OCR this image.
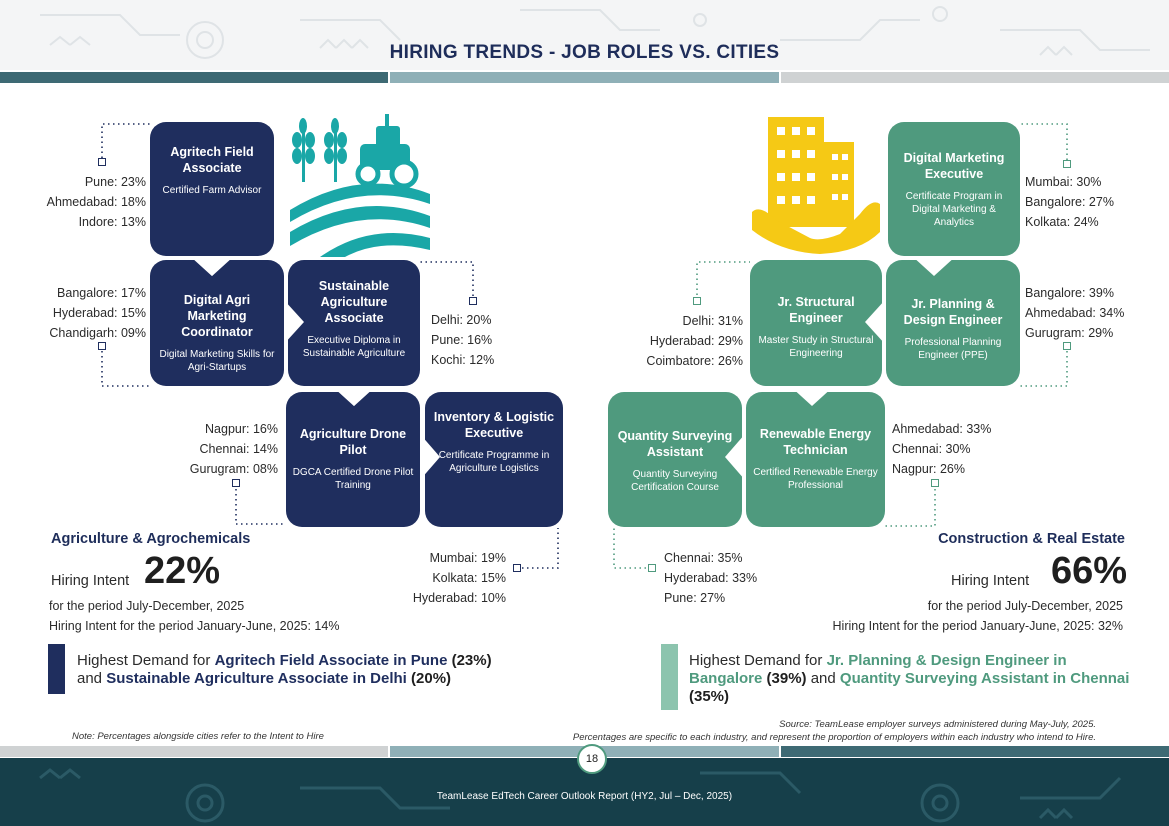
HIRING TRENDS - JOB ROLES VS. CITIES
Agritech Field Associate
Certified Farm Advisor
Digital Agri Marketing Coordinator
Digital Marketing Skills for Agri-Startups
Sustainable Agriculture Associate
Executive Diploma in Sustainable Agriculture
Agriculture Drone Pilot
DGCA Certified Drone Pilot Training
Inventory & Logistic Executive
Certificate Programme in Agriculture Logistics
Pune: 23%
Ahmedabad: 18%
Indore: 13%
Bangalore: 17%
Hyderabad: 15%
Chandigarh: 09%
Delhi: 20%
Pune: 16%
Kochi: 12%
Nagpur: 16%
Chennai: 14%
Gurugram: 08%
Mumbai: 19%
Kolkata: 15%
Hyderabad: 10%
Digital Marketing Executive
Certificate Program in Digital Marketing & Analytics
Jr. Structural Engineer
Master Study in Structural Engineering
Jr. Planning & Design Engineer
Professional Planning Engineer (PPE)
Quantity Surveying Assistant
Quantity Surveying Certification Course
Renewable Energy Technician
Certified Renewable Energy Professional
Mumbai: 30%
Bangalore: 27%
Kolkata: 24%
Delhi: 31%
Hyderabad: 29%
Coimbatore: 26%
Bangalore: 39%
Ahmedabad: 34%
Gurugram: 29%
Ahmedabad: 33%
Chennai: 30%
Nagpur: 26%
Chennai: 35%
Hyderabad: 33%
Pune: 27%
Agriculture & Agrochemicals
Hiring Intent 22%
for the period July-December, 2025
Hiring Intent for the period January-June, 2025: 14%
Highest Demand for Agritech Field Associate in Pune (23%)
and Sustainable Agriculture Associate in Delhi (20%)
Construction & Real Estate
Hiring Intent 66%
for the period July-December, 2025
Hiring Intent for the period January-June, 2025: 32%
Highest Demand for Jr. Planning & Design Engineer in Bangalore (39%) and Quantity Surveying Assistant in Chennai (35%)
Note: Percentages alongside cities refer to the Intent to Hire
Source: TeamLease employer surveys administered during May-July, 2025.
Percentages are specific to each industry, and represent the proportion of employers within each industry who intend to Hire.
18
TeamLease EdTech Career Outlook Report (HY2, Jul – Dec, 2025)
